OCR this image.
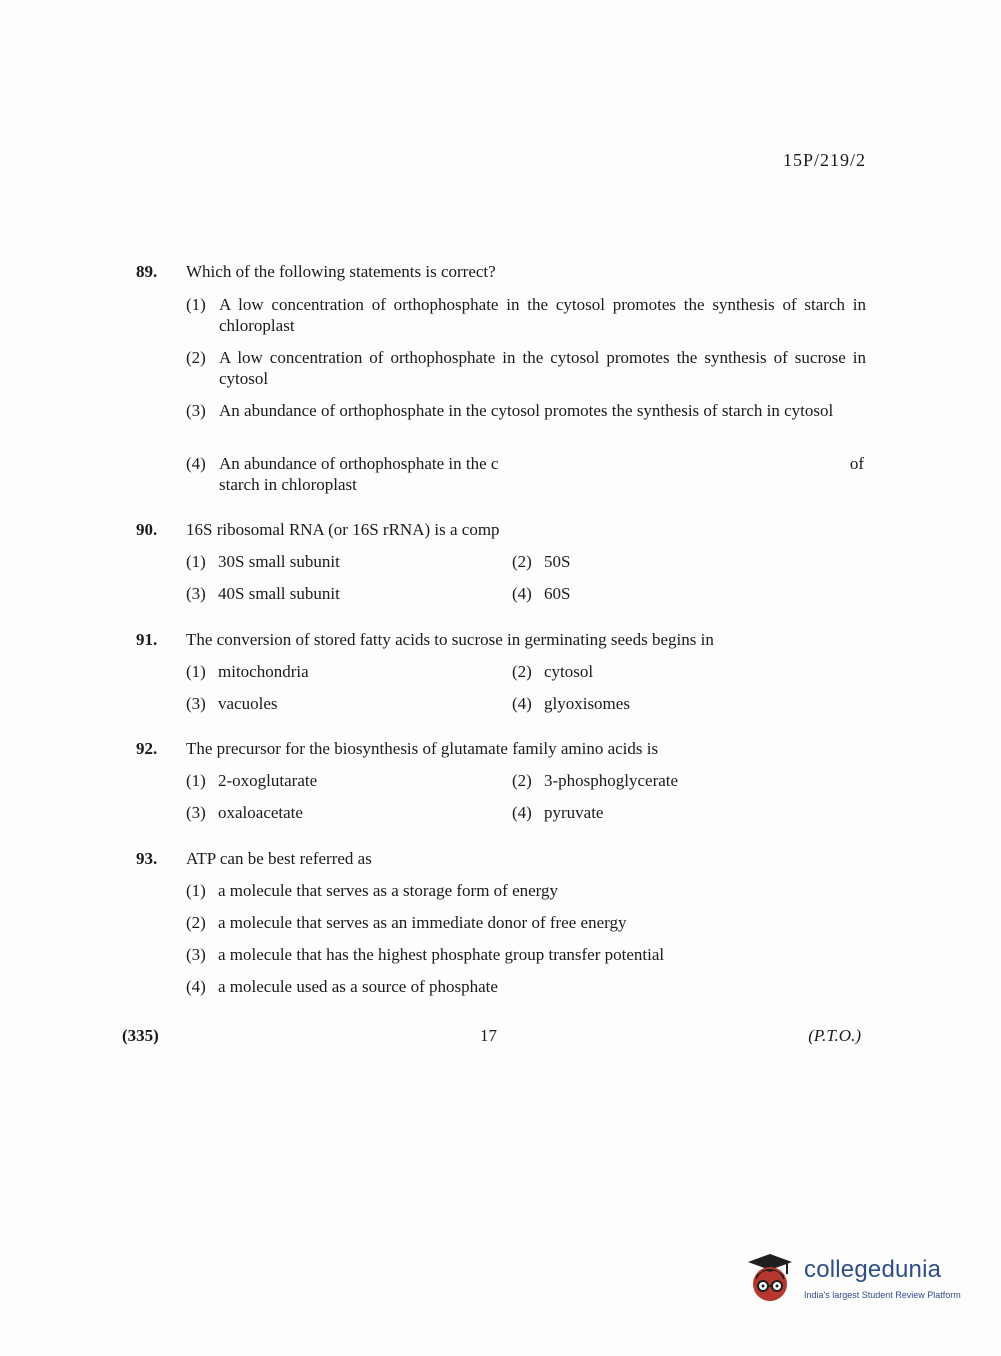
15P/219/2
89. Which of the following statements is correct?
(1) A low concentration of orthophosphate in the cytosol promotes the synthesis of starch in chloroplast
(2) A low concentration of orthophosphate in the cytosol promotes the synthesis of sucrose in cytosol
(3) An abundance of orthophosphate in the cytosol promotes the synthesis of starch in cytosol
(4) An abundance of orthophosphate in the c	of

starch in chloroplast
90. 16S ribosomal RNA (or 16S rRNA) is a comp
(1) 30S small subunit	(2) 50S
(3) 40S small subunit	(4) 60S
91. The conversion of stored fatty acids to sucrose in germinating seeds begins in
(1) mitochondria	(2) cytosol
(3) vacuoles	(4) glyoxisomes
92. The precursor for the biosynthesis of glutamate family amino acids is
(1) 2-oxoglutarate	(2) 3-phosphoglycerate
(3) oxaloacetate	(4) pyruvate
93. ATP can be best referred as
(1) a molecule that serves as a storage form of energy
(2) a molecule that serves as an immediate donor of free energy
(3) a molecule that has the highest phosphate group transfer potential
(4) a molecule used as a source of phosphate
(335)	17	(P.T.O.)
collegedunia
India's largest Student Review Platform
